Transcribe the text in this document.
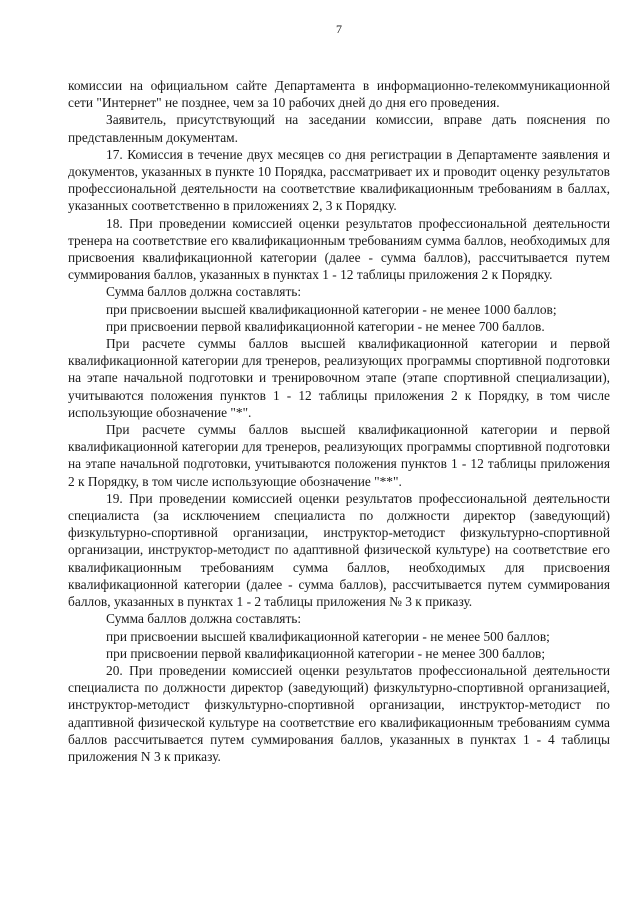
7

комиссии на официальном сайте Департамента в информационно-телекоммуникационной сети "Интернет" не позднее, чем за 10 рабочих дней до дня его проведения.

Заявитель, присутствующий на заседании комиссии, вправе дать пояснения по представленным документам.

17. Комиссия в течение двух месяцев со дня регистрации в Департаменте заявления и документов, указанных в пункте 10 Порядка, рассматривает их и проводит оценку результатов профессиональной деятельности на соответствие квалификационным требованиям в баллах, указанных соответственно в приложениях 2, 3 к Порядку.

18. При проведении комиссией оценки результатов профессиональной деятельности тренера на соответствие его квалификационным требованиям сумма баллов, необходимых для присвоения квалификационной категории (далее - сумма баллов), рассчитывается путем суммирования баллов, указанных в пунктах 1 - 12 таблицы приложения 2 к Порядку.

Сумма баллов должна составлять:

при присвоении высшей квалификационной категории - не менее 1000 баллов;

при присвоении первой квалификационной категории - не менее 700 баллов.

При расчете суммы баллов высшей квалификационной категории и первой квалификационной категории для тренеров, реализующих программы спортивной подготовки на этапе начальной подготовки и тренировочном этапе (этапе спортивной специализации), учитываются положения пунктов 1 - 12 таблицы приложения 2 к Порядку, в том числе использующие обозначение "*".

При расчете суммы баллов высшей квалификационной категории и первой квалификационной категории для тренеров, реализующих программы спортивной подготовки на этапе начальной подготовки, учитываются положения пунктов 1 - 12 таблицы приложения 2 к Порядку, в том числе использующие обозначение "**".

19. При проведении комиссией оценки результатов профессиональной деятельности специалиста (за исключением специалиста по должности директор (заведующий) физкультурно-спортивной организации, инструктор-методист физкультурно-спортивной организации, инструктор-методист по адаптивной физической культуре) на соответствие его квалификационным требованиям сумма баллов, необходимых для присвоения квалификационной категории (далее - сумма баллов), рассчитывается путем суммирования баллов, указанных в пунктах 1 - 2 таблицы приложения № 3 к приказу.

Сумма баллов должна составлять:

при присвоении высшей квалификационной категории - не менее 500 баллов;

при присвоении первой квалификационной категории - не менее 300 баллов;

20. При проведении комиссией оценки результатов профессиональной деятельности специалиста по должности директор (заведующий) физкультурно-спортивной организацией, инструктор-методист физкультурно-спортивной организации, инструктор-методист по адаптивной физической культуре на соответствие его квалификационным требованиям сумма баллов рассчитывается путем суммирования баллов, указанных в пунктах 1 - 4 таблицы приложения N 3 к приказу.
